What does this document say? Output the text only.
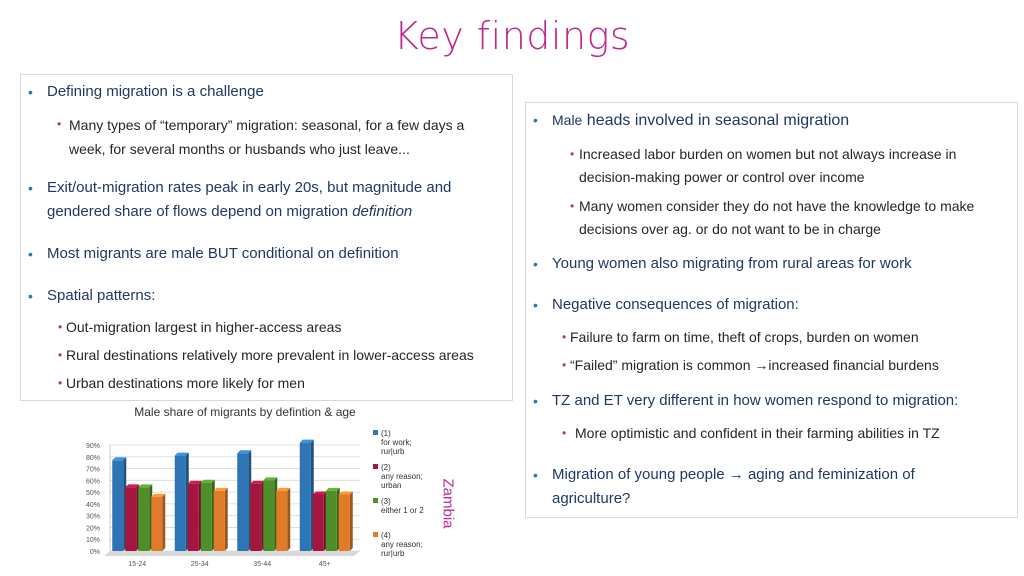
Key findings
• Defining migration is a challenge
• Many types of “temporary” migration: seasonal, for a few days a week, for several months or husbands who just leave...
• Exit/out-migration rates peak in early 20s, but magnitude and
gendered share of flows depend on migration definition
• Most migrants are male BUT conditional on definition
• Spatial patterns:
• Out-migration largest in higher-access areas
• Rural destinations relatively more prevalent in lower-access areas
• Urban destinations more likely for men
•	Male heads involved in seasonal migration
• Increased labor burden on women but not always increase in decision-making power or control over income
• Many women consider they do not have the knowledge to make decisions over ag. or do not want to be in charge
• Young women also migrating from rural areas for work
• Negative consequences of migration:
• Failure to farm on time, theft of crops, burden on women
• “Failed” migration is common →increased financial burdens
• TZ and ET very different in how women respond to migration:
• More optimistic and confident in their farming abilities in TZ
• Migration of young people → aging and feminization of
agriculture?
Male share of migrants by defintion & age
0%
10%
20%
30%
40%
50%
60%
70%
80%
90%
15-24	25-34	35-44	45+
(1)
for work;
rur|urb
(2)
any reason;
urban
(3)
either 1 or 2
(4)
any reason;
rur|urb
Zambia
